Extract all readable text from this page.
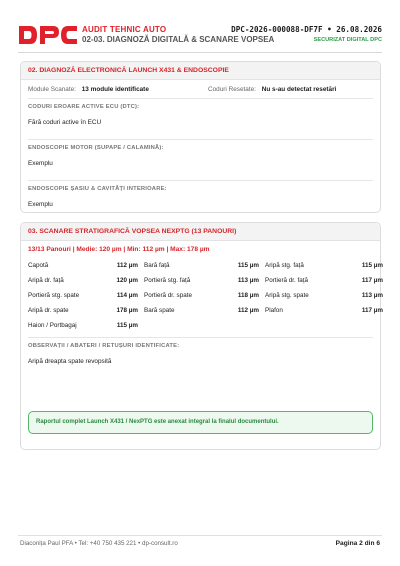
AUDIT TEHNIC AUTO
02-03. DIAGNOZĂ DIGITALĂ & SCANARE VOPSEA
DPC-2026-000088-DF7F • 26.08.2026
SECURIZAT DIGITAL DPC
02. DIAGNOZĂ ELECTRONICĂ LAUNCH X431 & ENDOSCOPIE
Module Scanate: 13 module identificate	Coduri Resetate: Nu s-au detectat resetări
CODURI EROARE ACTIVE ECU (DTC):
Fără coduri active în ECU
ENDOSCOPIE MOTOR (SUPAPE / CALAMINĂ):
Exemplu
ENDOSCOPIE ȘASIU & CAVITĂȚI INTERIOARE:
Exemplu
03. SCANARE STRATIGRAFICĂ VOPSEA NEXPTG (13 PANOURI)
13/13 Panouri | Medie: 120 µm | Min: 112 µm | Max: 178 µm
Capotă	112 µm Bară față	115 µm Aripă stg. față	115 µm
Aripă dr. față	120 µm Portieră stg. față	113 µm Portieră dr. față	117 µm
Portieră stg. spate	114 µm Portieră dr. spate	118 µm Aripă stg. spate	113 µm
Aripă dr. spate	178 µm Bară spate	112 µm Plafon	117 µm
Haion / Portbagaj	115 µm
OBSERVAȚII / ABATERI / RETUȘURI IDENTIFICATE:
Aripă dreapta spate revopsită
Raportul complet Launch X431 / NexPTG este anexat integral la finalul documentului.
Diaconița Paul PFA • Tel: +40 750 435 221 • dp-consult.ro	Pagina 2 din 6
